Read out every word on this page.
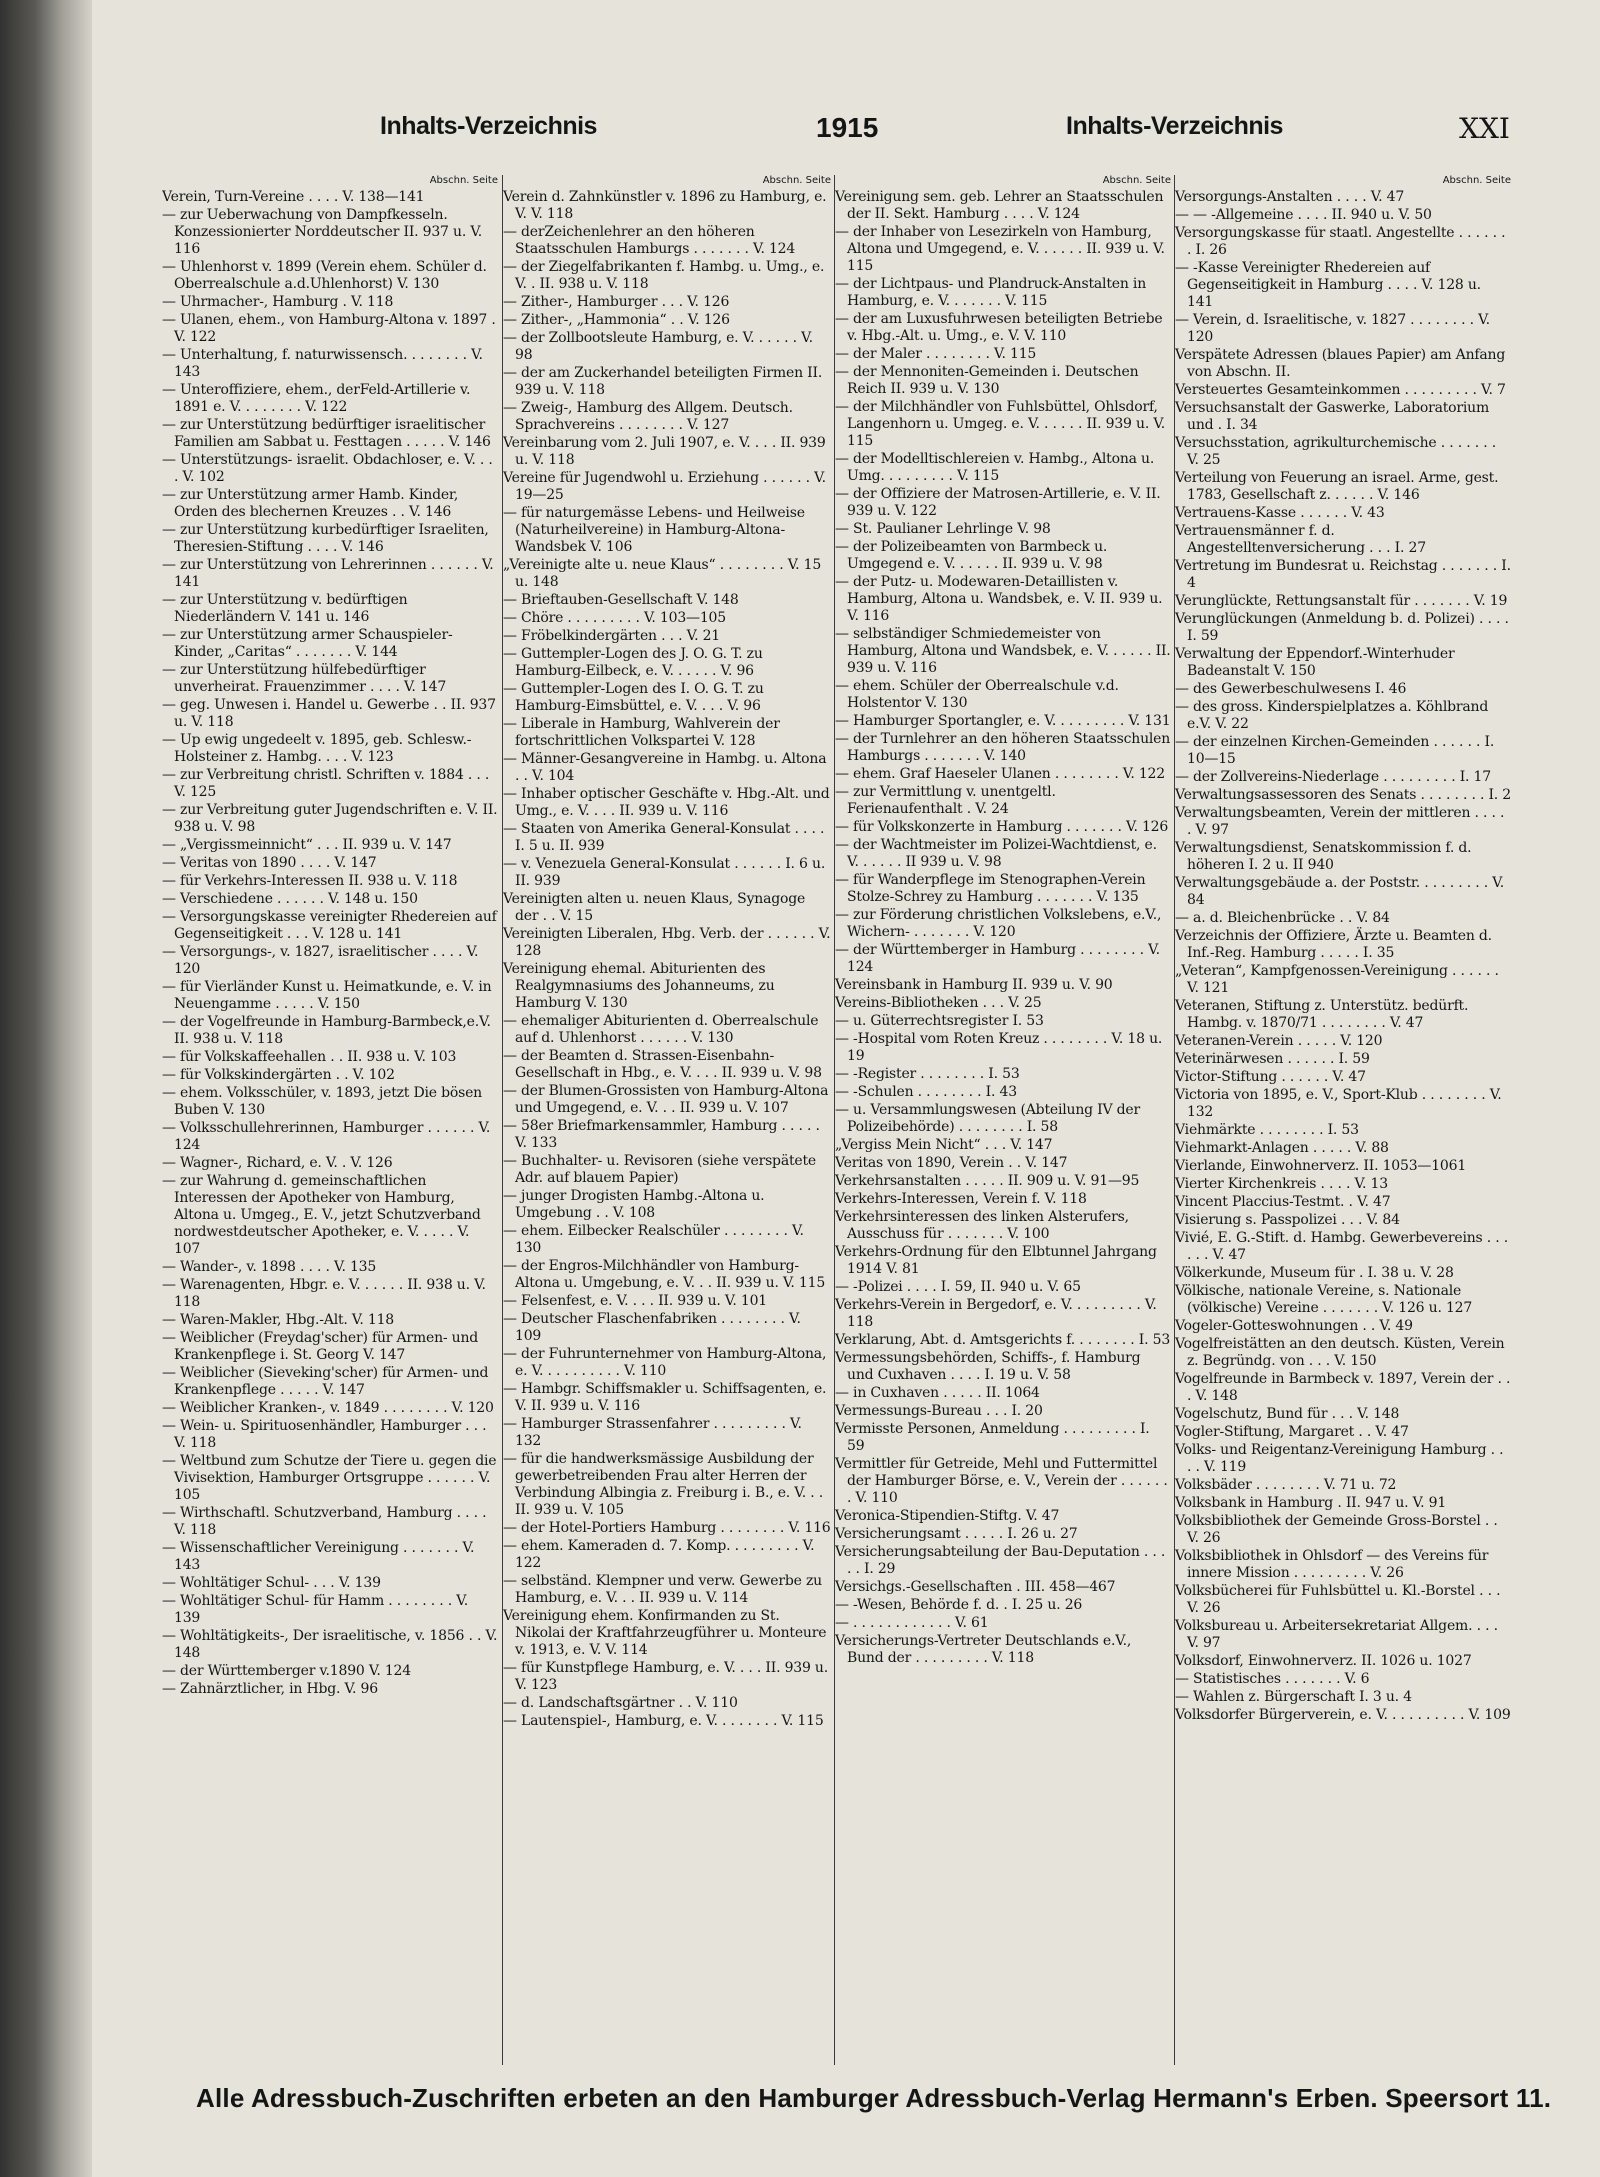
Inhalts-Verzeichnis	1915	Inhalts-Verzeichnis	XXI
Abschn. Seite
Verein, Turn-Vereine . . . . V. 138—141
— zur Ueberwachung von Dampfkesseln. Konzessionierter Norddeutscher II. 937 u. V. 116
— Uhlenhorst v. 1899 (Verein ehem. Schüler d. Oberrealschule a.d.Uhlenhorst) V. 130
— Uhrmacher-, Hamburg . V. 118
— Ulanen, ehem., von Hamburg-Altona v. 1897 . V. 122
— Unterhaltung, f. naturwissensch. . . . . . . . V. 143
— Unteroffiziere, ehem., derFeld-Artillerie v. 1891 e. V. . . . . . . . V. 122
— zur Unterstützung bedürftiger israelitischer Familien am Sabbat u. Festtagen . . . . . V. 146
— Unterstützungs- israelit. Obdachloser, e. V. . . . V. 102
— zur Unterstützung armer Hamb. Kinder, Orden des blechernen Kreuzes . . V. 146
— zur Unterstützung kurbedürftiger Israeliten, Theresien-Stiftung . . . . V. 146
— zur Unterstützung von Lehrerinnen . . . . . . V. 141
— zur Unterstützung v. bedürftigen Niederländern V. 141 u. 146
— zur Unterstützung armer Schauspieler-Kinder, „Caritas“ . . . . . . . V. 144
— zur Unterstützung hülfebedürftiger unverheirat. Frauenzimmer . . . . V. 147
— geg. Unwesen i. Handel u. Gewerbe . . II. 937 u. V. 118
— Up ewig ungedeelt v. 1895, geb. Schlesw.-Holsteiner z. Hambg. . . . V. 123
— zur Verbreitung christl. Schriften v. 1884 . . . V. 125
— zur Verbreitung guter Jugendschriften e. V. II. 938 u. V. 98
— „Vergissmeinnicht“ . . . II. 939 u. V. 147
— Veritas von 1890 . . . . V. 147
— für Verkehrs-Interessen II. 938 u. V. 118
— Verschiedene . . . . . . V. 148 u. 150
— Versorgungskasse vereinigter Rhedereien auf Gegenseitigkeit . . . V. 128 u. 141
— Versorgungs-, v. 1827, israelitischer . . . . V. 120
— für Vierländer Kunst u. Heimatkunde, e. V. in Neuengamme . . . . . V. 150
— der Vogelfreunde in Hamburg-Barmbeck,e.V. II. 938 u. V. 118
— für Volkskaffeehallen . . II. 938 u. V. 103
— für Volkskindergärten . . V. 102
— ehem. Volksschüler, v. 1893, jetzt Die bösen Buben V. 130
— Volksschullehrerinnen, Hamburger . . . . . . V. 124
— Wagner-, Richard, e. V. . V. 126
— zur Wahrung d. gemeinschaftlichen Interessen der Apotheker von Hamburg, Altona u. Umgeg., E. V., jetzt Schutzverband nordwestdeutscher Apotheker, e. V. . . . . V. 107
— Wander-, v. 1898 . . . . V. 135
— Warenagenten, Hbgr. e. V. . . . . . II. 938 u. V. 118
— Waren-Makler, Hbg.-Alt. V. 118
— Weiblicher (Freydag'scher) für Armen- und Krankenpflege i. St. Georg V. 147
— Weiblicher (Sieveking'scher) für Armen- und Krankenpflege . . . . . V. 147
— Weiblicher Kranken-, v. 1849 . . . . . . . . V. 120
— Wein- u. Spirituosenhändler, Hamburger . . . V. 118
— Weltbund zum Schutze der Tiere u. gegen die Vivisektion, Hamburger Ortsgruppe . . . . . . V. 105
— Wirthschaftl. Schutzverband, Hamburg . . . . V. 118
— Wissenschaftlicher Vereinigung . . . . . . . V. 143
— Wohltätiger Schul- . . . V. 139
— Wohltätiger Schul- für Hamm . . . . . . . . V. 139
— Wohltätigkeits-, Der israelitische, v. 1856 . . V. 148
— der Württemberger v.1890 V. 124
— Zahnärztlicher, in Hbg. V. 96
Abschn. Seite
Verein d. Zahnkünstler v. 1896 zu Hamburg, e. V. V. 118
— derZeichenlehrer an den höheren Staatsschulen Hamburgs . . . . . . . V. 124
— der Ziegelfabrikanten f. Hambg. u. Umg., e. V. . II. 938 u. V. 118
— Zither-, Hamburger . . . V. 126
— Zither-, „Hammonia“ . . V. 126
— der Zollbootsleute Hamburg, e. V. . . . . . V. 98
— der am Zuckerhandel beteiligten Firmen II. 939 u. V. 118
— Zweig-, Hamburg des Allgem. Deutsch. Sprachvereins . . . . . . . . V. 127
Vereinbarung vom 2. Juli 1907, e. V. . . . II. 939 u. V. 118
Vereine für Jugendwohl u. Erziehung . . . . . . V. 19—25
— für naturgemässe Lebens- und Heilweise (Naturheilvereine) in Hamburg-Altona-Wandsbek V. 106
„Vereinigte alte u. neue Klaus“ . . . . . . . . V. 15 u. 148
— Brieftauben-Gesellschaft V. 148
— Chöre . . . . . . . . . V. 103—105
— Fröbelkindergärten . . . V. 21
— Guttempler-Logen des J. O. G. T. zu Hamburg-Eilbeck, e. V. . . . . . V. 96
— Guttempler-Logen des I. O. G. T. zu Hamburg-Eimsbüttel, e. V. . . . V. 96
— Liberale in Hamburg, Wahlverein der fortschrittlichen Volkspartei V. 128
— Männer-Gesangvereine in Hambg. u. Altona . . V. 104
— Inhaber optischer Geschäfte v. Hbg.-Alt. und Umg., e. V. . . . II. 939 u. V. 116
— Staaten von Amerika General-Konsulat . . . . I. 5 u. II. 939
— v. Venezuela General-Konsulat . . . . . . I. 6 u. II. 939
Vereinigten alten u. neuen Klaus, Synagoge der . . V. 15
Vereinigten Liberalen, Hbg. Verb. der . . . . . . V. 128
Vereinigung ehemal. Abiturienten des Realgymnasiums des Johanneums, zu Hamburg V. 130
— ehemaliger Abiturienten d. Oberrealschule auf d. Uhlenhorst . . . . . . V. 130
— der Beamten d. Strassen-Eisenbahn-Gesellschaft in Hbg., e. V. . . . II. 939 u. V. 98
— der Blumen-Grossisten von Hamburg-Altona und Umgegend, e. V. . . II. 939 u. V. 107
— 58er Briefmarkensammler, Hamburg . . . . . V. 133
— Buchhalter- u. Revisoren (siehe verspätete Adr. auf blauem Papier)
— junger Drogisten Hambg.-Altona u. Umgebung . . V. 108
— ehem. Eilbecker Realschüler . . . . . . . . V. 130
— der Engros-Milchhändler von Hamburg-Altona u. Umgebung, e. V. . . II. 939 u. V. 115
— Felsenfest, e. V. . . . II. 939 u. V. 101
— Deutscher Flaschenfabriken . . . . . . . . V. 109
— der Fuhrunternehmer von Hamburg-Altona, e. V. . . . . . . . . . V. 110
— Hambgr. Schiffsmakler u. Schiffsagenten, e. V. II. 939 u. V. 116
— Hamburger Strassenfahrer . . . . . . . . . V. 132
— für die handwerksmässige Ausbildung der gewerbetreibenden Frau alter Herren der Verbindung Albingia z. Freiburg i. B., e. V. . . II. 939 u. V. 105
— der Hotel-Portiers Hamburg . . . . . . . . V. 116
— ehem. Kameraden d. 7. Komp. . . . . . . . . V. 122
— selbständ. Klempner und verw. Gewerbe zu Hamburg, e. V. . . II. 939 u. V. 114
Vereinigung ehem. Konfirmanden zu St. Nikolai der Kraftfahrzeugführer u. Monteure v. 1913, e. V. V. 114
— für Kunstpflege Hamburg, e. V. . . . II. 939 u. V. 123
— d. Landschaftsgärtner . . V. 110
— Lautenspiel-, Hamburg, e. V. . . . . . . . V. 115
Abschn. Seite
Vereinigung sem. geb. Lehrer an Staatsschulen der II. Sekt. Hamburg . . . . V. 124
— der Inhaber von Lesezirkeln von Hamburg, Altona und Umgegend, e. V. . . . . . II. 939 u. V. 115
— der Lichtpaus- und Plandruck-Anstalten in Hamburg, e. V. . . . . . . V. 115
— der am Luxusfuhrwesen beteiligten Betriebe v. Hbg.-Alt. u. Umg., e. V. V. 110
— der Maler . . . . . . . . V. 115
— der Mennoniten-Gemeinden i. Deutschen Reich II. 939 u. V. 130
— der Milchhändler von Fuhlsbüttel, Ohlsdorf, Langenhorn u. Umgeg. e. V. . . . . . II. 939 u. V. 115
— der Modelltischlereien v. Hambg., Altona u. Umg. . . . . . . . . V. 115
— der Offiziere der Matrosen-Artillerie, e. V. II. 939 u. V. 122
— St. Paulianer Lehrlinge V. 98
— der Polizeibeamten von Barmbeck u. Umgegend e. V. . . . . . II. 939 u. V. 98
— der Putz- u. Modewaren-Detaillisten v. Hamburg, Altona u. Wandsbek, e. V. II. 939 u. V. 116
— selbständiger Schmiedemeister von Hamburg, Altona und Wandsbek, e. V. . . . . . II. 939 u. V. 116
— ehem. Schüler der Oberrealschule v.d. Holstentor V. 130
— Hamburger Sportangler, e. V. . . . . . . . . V. 131
— der Turnlehrer an den höheren Staatsschulen Hamburgs . . . . . . . V. 140
— ehem. Graf Haeseler Ulanen . . . . . . . . V. 122
— zur Vermittlung v. unentgeltl. Ferienaufenthalt . V. 24
— für Volkskonzerte in Hamburg . . . . . . . V. 126
— der Wachtmeister im Polizei-Wachtdienst, e. V. . . . . . II 939 u. V. 98
— für Wanderpflege im Stenographen-Verein Stolze-Schrey zu Hamburg . . . . . . . V. 135
— zur Förderung christlichen Volkslebens, e.V., Wichern- . . . . . . . V. 120
— der Württemberger in Hamburg . . . . . . . . V. 124
Vereinsbank in Hamburg II. 939 u. V. 90
Vereins-Bibliotheken . . . V. 25
— u. Güterrechtsregister I. 53
— -Hospital vom Roten Kreuz . . . . . . . . V. 18 u. 19
— -Register . . . . . . . . I. 53
— -Schulen . . . . . . . . I. 43
— u. Versammlungswesen (Abteilung IV der Polizeibehörde) . . . . . . . . I. 58
„Vergiss Mein Nicht“ . . . V. 147
Veritas von 1890, Verein . . V. 147
Verkehrsanstalten . . . . . II. 909 u. V. 91—95
Verkehrs-Interessen, Verein f. V. 118
Verkehrsinteressen des linken Alsterufers, Ausschuss für . . . . . . . V. 100
Verkehrs-Ordnung für den Elbtunnel Jahrgang 1914 V. 81
— -Polizei . . . . I. 59, II. 940 u. V. 65
Verkehrs-Verein in Bergedorf, e. V. . . . . . . . . V. 118
Verklarung, Abt. d. Amtsgerichts f. . . . . . . . I. 53
Vermessungsbehörden, Schiffs-, f. Hamburg und Cuxhaven . . . . I. 19 u. V. 58
— in Cuxhaven . . . . . II. 1064
Vermessungs-Bureau . . . I. 20
Vermisste Personen, Anmeldung . . . . . . . . . I. 59
Vermittler für Getreide, Mehl und Futtermittel der Hamburger Börse, e. V., Verein der . . . . . . . V. 110
Veronica-Stipendien-Stiftg. V. 47
Versicherungsamt . . . . . I. 26 u. 27
Versicherungsabteilung der Bau-Deputation . . . . . I. 29
Versichgs.-Gesellschaften . III. 458—467
— -Wesen, Behörde f. d. . I. 25 u. 26
— . . . . . . . . . . . . V. 61
Versicherungs-Vertreter Deutschlands e.V., Bund der . . . . . . . . . V. 118
Abschn. Seite
Versorgungs-Anstalten . . . . V. 47
— — -Allgemeine . . . . II. 940 u. V. 50
Versorgungskasse für staatl. Angestellte . . . . . . . I. 26
— -Kasse Vereinigter Rhedereien auf Gegenseitigkeit in Hamburg . . . . V. 128 u. 141
— Verein, d. Israelitische, v. 1827 . . . . . . . . V. 120
Verspätete Adressen (blaues Papier) am Anfang von Abschn. II.
Versteuertes Gesamteinkommen . . . . . . . . . V. 7
Versuchsanstalt der Gaswerke, Laboratorium und . I. 34
Versuchsstation, agrikulturchemische . . . . . . . V. 25
Verteilung von Feuerung an israel. Arme, gest. 1783, Gesellschaft z. . . . . . V. 146
Vertrauens-Kasse . . . . . . V. 43
Vertrauensmänner f. d. Angestelltenversicherung . . . I. 27
Vertretung im Bundesrat u. Reichstag . . . . . . . I. 4
Verunglückte, Rettungsanstalt für . . . . . . . V. 19
Verunglückungen (Anmeldung b. d. Polizei) . . . . I. 59
Verwaltung der Eppendorf.-Winterhuder Badeanstalt V. 150
— des Gewerbeschulwesens I. 46
— des gross. Kinderspielplatzes a. Köhlbrand e.V. V. 22
— der einzelnen Kirchen-Gemeinden . . . . . . I. 10—15
— der Zollvereins-Niederlage . . . . . . . . . I. 17
Verwaltungsassessoren des Senats . . . . . . . . I. 2
Verwaltungsbeamten, Verein der mittleren . . . . . V. 97
Verwaltungsdienst, Senatskommission f. d. höheren I. 2 u. II 940
Verwaltungsgebäude a. der Poststr. . . . . . . . . V. 84
— a. d. Bleichenbrücke . . V. 84
Verzeichnis der Offiziere, Ärzte u. Beamten d. Inf.-Reg. Hamburg . . . . . I. 35
„Veteran“, Kampfgenossen-Vereinigung . . . . . . V. 121
Veteranen, Stiftung z. Unterstütz. bedürft. Hambg. v. 1870/71 . . . . . . . . V. 47
Veteranen-Verein . . . . . V. 120
Veterinärwesen . . . . . . I. 59
Victor-Stiftung . . . . . . V. 47
Victoria von 1895, e. V., Sport-Klub . . . . . . . . V. 132
Viehmärkte . . . . . . . . I. 53
Viehmarkt-Anlagen . . . . . V. 88
Vierlande, Einwohnerverz. II. 1053—1061
Vierter Kirchenkreis . . . . V. 13
Vincent Placcius-Testmt. . V. 47
Visierung s. Passpolizei . . . V. 84
Vivié, E. G.-Stift. d. Hambg. Gewerbevereins . . . . . . V. 47
Völkerkunde, Museum für . I. 38 u. V. 28
Völkische, nationale Vereine, s. Nationale (völkische) Vereine . . . . . . . V. 126 u. 127
Vogeler-Gotteswohnungen . . V. 49
Vogelfreistätten an den deutsch. Küsten, Verein z. Begründg. von . . . V. 150
Vogelfreunde in Barmbeck v. 1897, Verein der . . . V. 148
Vogelschutz, Bund für . . . V. 148
Vogler-Stiftung, Margaret . . V. 47
Volks- und Reigentanz-Vereinigung Hamburg . . . . V. 119
Volksbäder . . . . . . . . V. 71 u. 72
Volksbank in Hamburg . II. 947 u. V. 91
Volksbibliothek der Gemeinde Gross-Borstel . . V. 26
Volksbibliothek in Ohlsdorf — des Vereins für innere Mission . . . . . . . . . V. 26
Volksbücherei für Fuhlsbüttel u. Kl.-Borstel . . . V. 26
Volksbureau u. Arbeitersekretariat Allgem. . . . V. 97
Volksdorf, Einwohnerverz. II. 1026 u. 1027
— Statistisches . . . . . . . V. 6
— Wahlen z. Bürgerschaft I. 3 u. 4
Volksdorfer Bürgerverein, e. V. . . . . . . . . . V. 109
Alle Adressbuch-Zuschriften erbeten an den Hamburger Adressbuch-Verlag Hermann's Erben. Speersort 11.
